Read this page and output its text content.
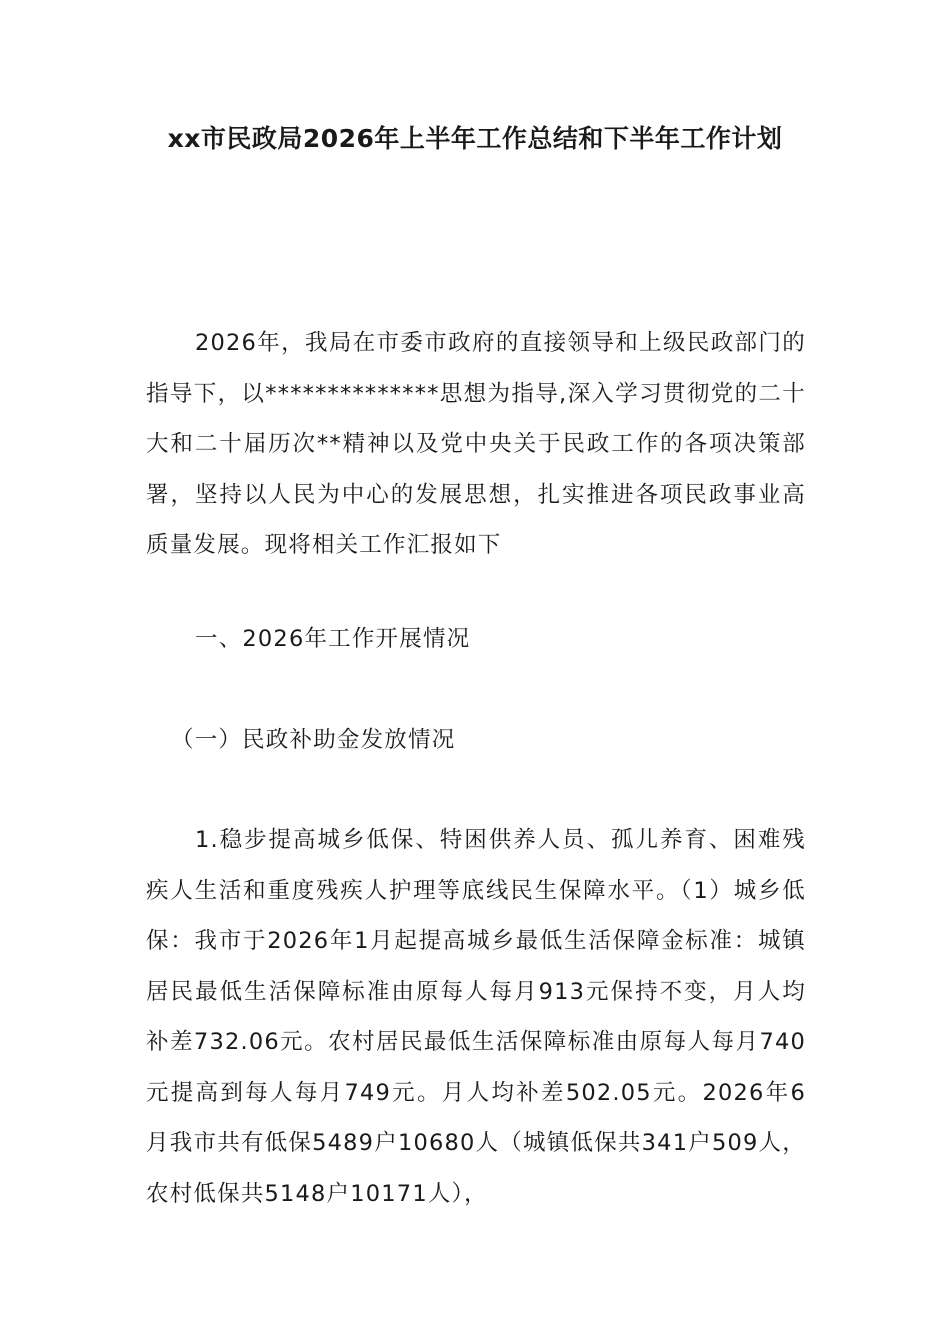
xx市民政局2026年上半年工作总结和下半年工作计划

2026年，我局在市委市政府的直接领导和上级民政部门的指导下，以**************思想为指导,深入学习贯彻党的二十大和二十届历次**精神以及党中央关于民政工作的各项决策部署，坚持以人民为中心的发展思想，扎实推进各项民政事业高质量发展。现将相关工作汇报如下

一、2026年工作开展情况

（一）民政补助金发放情况

1.稳步提高城乡低保、特困供养人员、孤儿养育、困难残疾人生活和重度残疾人护理等底线民生保障水平。（1）城乡低保：我市于2026年1月起提高城乡最低生活保障金标准：城镇居民最低生活保障标准由原每人每月913元保持不变，月人均补差732.06元。农村居民最低生活保障标准由原每人每月740元提高到每人每月749元。月人均补差502.05元。2026年6月我市共有低保5489户10680人（城镇低保共341户509人，农村低保共5148户10171人），
